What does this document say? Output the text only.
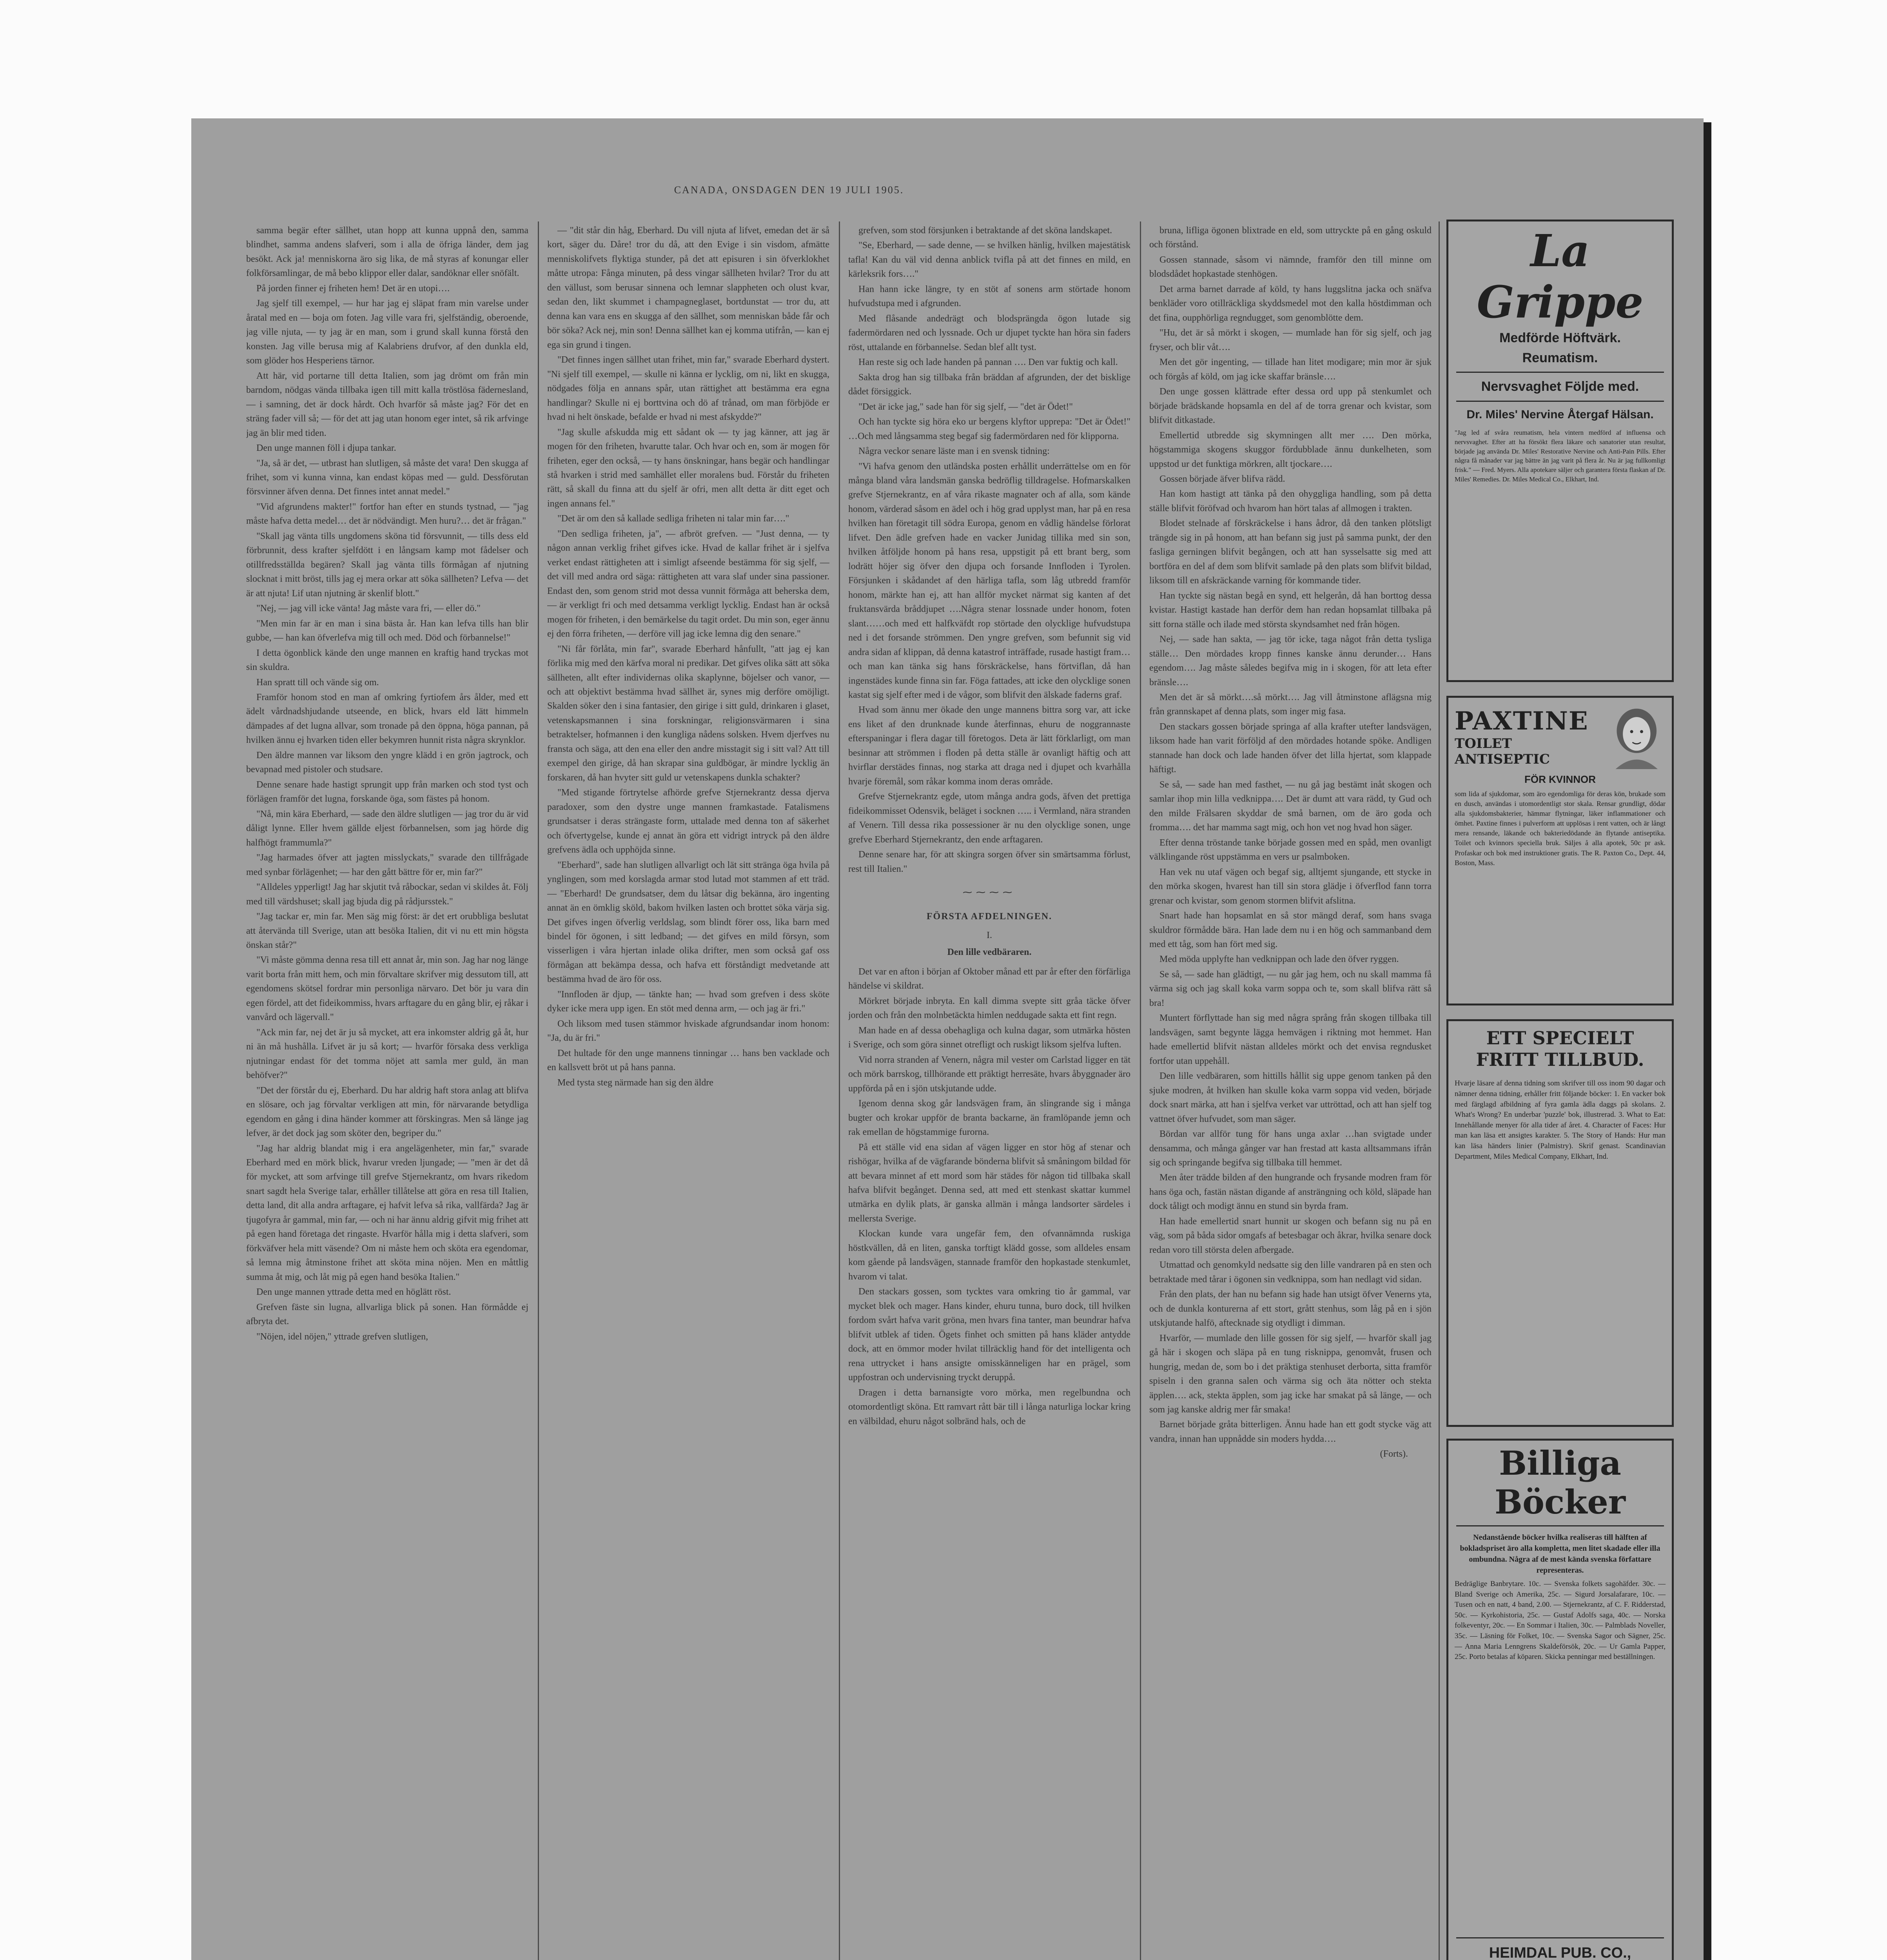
CANADA, ONSDAGEN DEN 19 JULI 1905.

samma begär efter sällhet, utan hopp att kunna uppnå den, samma blindhet, samma andens slafveri, som i alla de öfriga länder, dem jag besökt. Ack ja! menniskorna äro sig lika, de må styras af konungar eller folkförsamlingar, de må bebo klippor eller dalar, sandöknar eller snöfält.

På jorden finner ej friheten hem! Det är en utopi….

Jag sjelf till exempel, — hur har jag ej släpat fram min varelse under åratal med en — boja om foten. Jag ville vara fri, sjelfständig, oberoende, jag ville njuta, — ty jag är en man, som i grund skall kunna förstå den konsten. Jag ville berusa mig af Kalabriens drufvor, af den dunkla eld, som glöder hos Hesperiens tärnor.

Att här, vid portarne till detta Italien, som jag drömt om från min barndom, nödgas vända tillbaka igen till mitt kalla tröstlösa fädernesland, — i samning, det är dock hårdt. Och hvarför så måste jag? För det en sträng fader vill så; — för det att jag utan honom eger intet, så rik arfvinge jag än blir med tiden.

Den unge mannen föll i djupa tankar.

"Ja, så är det, — utbrast han slutligen, så måste det vara! Den skugga af frihet, som vi kunna vinna, kan endast köpas med — guld. Dessförutan försvinner äfven denna. Det finnes intet annat medel."

"Vid afgrundens makter!" fortfor han efter en stunds tystnad, — "jag måste hafva detta medel… det är nödvändigt. Men huru?… det är frågan."

"Skall jag vänta tills ungdomens sköna tid försvunnit, — tills dess eld förbrunnit, dess krafter sjelfdött i en långsam kamp mot fådelser och otillfredsställda begären? Skall jag vänta tills förmågan af njutning slocknat i mitt bröst, tills jag ej mera orkar att söka sällheten? Lefva — det är att njuta! Lif utan njutning är skenlif blott."

"Nej, — jag vill icke vänta! Jag måste vara fri, — eller dö."

"Men min far är en man i sina bästa år. Han kan lefva tills han blir gubbe, — han kan öfverlefva mig till och med. Död och förbannelse!"

I detta ögonblick kände den unge mannen en kraftig hand tryckas mot sin skuldra.

Han spratt till och vände sig om.

Framför honom stod en man af omkring fyrtiofem års ålder, med ett ädelt vårdnadshjudande utseende, en blick, hvars eld lätt himmeln dämpades af det lugna allvar, som tronade på den öppna, höga pannan, på hvilken ännu ej hvarken tiden eller bekymren hunnit rista några skrynklor.

Den äldre mannen var liksom den yngre klädd i en grön jagtrock, och bevapnad med pistoler och studsare.

Denne senare hade hastigt sprungit upp från marken och stod tyst och förlägen framför det lugna, forskande öga, som fästes på honom.

"Nå, min kära Eberhard, — sade den äldre slutligen — jag tror du är vid dåligt lynne. Eller hvem gällde eljest förbannelsen, som jag hörde dig halfhögt frammumla?"

"Jag harmades öfver att jagten misslyckats," svarade den tillfrågade med synbar förlägenhet; — har den gått bättre för er, min far?"

"Alldeles ypperligt! Jag har skjutit två råbockar, sedan vi skildes åt. Följ med till värdshuset; skall jag bjuda dig på rådjursstek."

"Jag tackar er, min far. Men säg mig först: är det ert orubbliga beslutat att återvända till Sverige, utan att besöka Italien, dit vi nu ett min högsta önskan står?"

"Vi måste gömma denna resa till ett annat år, min son. Jag har nog länge varit borta från mitt hem, och min förvaltare skrifver mig dessutom till, att egendomens skötsel fordrar min personliga närvaro. Det bör ju vara din egen fördel, att det fideikommiss, hvars arftagare du en gång blir, ej råkar i vanvård och lägervall."

"Ack min far, nej det är ju så mycket, att era inkomster aldrig gå åt, hur ni än må hushålla. Lifvet är ju så kort; — hvarför försaka dess verkliga njutningar endast för det tomma nöjet att samla mer guld, än man behöfver?"

"Det der förstår du ej, Eberhard. Du har aldrig haft stora anlag att blifva en slösare, och jag förvaltar verkligen att min, för närvarande betydliga egendom en gång i dina händer kommer att förskingras. Men så länge jag lefver, är det dock jag som sköter den, begriper du."

"Jag har aldrig blandat mig i era angelägenheter, min far," svarade Eberhard med en mörk blick, hvarur vreden ljungade; — "men är det då för mycket, att som arfvinge till grefve Stjernekrantz, om hvars rikedom snart sagdt hela Sverige talar, erhåller tillåtelse att göra en resa till Italien, detta land, dit alla andra arftagare, ej hafvit lefva så rika, vallfärda? Jag är tjugofyra år gammal, min far, — och ni har ännu aldrig gifvit mig frihet att på egen hand företaga det ringaste. Hvarför hålla mig i detta slafveri, som förkväfver hela mitt väsende? Om ni måste hem och sköta era egendomar, så lemna mig åtminstone frihet att sköta mina nöjen. Men en måttlig summa åt mig, och låt mig på egen hand besöka Italien."

Den unge mannen yttrade detta med en höglätt röst.

Grefven fäste sin lugna, allvarliga blick på sonen. Han förmådde ej afbryta det.

"Nöjen, idel nöjen," yttrade grefven slutligen,

— "dit står din håg, Eberhard. Du vill njuta af lifvet, emedan det är så kort, säger du. Dåre! tror du då, att den Evige i sin visdom, afmätte menniskolifvets flyktiga stunder, på det att episuren i sin öfverklokhet måtte utropa: Fånga minuten, på dess vingar sällheten hvilar? Tror du att den vällust, som berusar sinnena och lemnar slappheten och olust kvar, sedan den, likt skummet i champagneglaset, bortdunstat — tror du, att denna kan vara ens en skugga af den sällhet, som menniskan både får och bör söka? Ack nej, min son! Denna sällhet kan ej komma utifrån, — kan ej ega sin grund i tingen.

"Det finnes ingen sällhet utan frihet, min far," svarade Eberhard dystert. "Ni sjelf till exempel, — skulle ni känna er lycklig, om ni, likt en skugga, nödgades följa en annans spår, utan rättighet att bestämma era egna handlingar? Skulle ni ej borttvina och dö af trånad, om man förbjöde er hvad ni helt önskade, befalde er hvad ni mest afskydde?"

"Jag skulle afskudda mig ett sådant ok — ty jag känner, att jag är mogen för den friheten, hvarutte talar. Och hvar och en, som är mogen för friheten, eger den också, — ty hans önskningar, hans begär och handlingar stå hvarken i strid med samhället eller moralens bud. Förstår du friheten rätt, så skall du finna att du sjelf är ofri, men allt detta är ditt eget och ingen annans fel."

"Det är om den så kallade sedliga friheten ni talar min far…."

"Den sedliga friheten, ja", — afbröt grefven. — "Just denna, — ty någon annan verklig frihet gifves icke. Hvad de kallar frihet är i sjelfva verket endast rättigheten att i simligt afseende bestämma för sig sjelf, — det vill med andra ord säga: rättigheten att vara slaf under sina passioner. Endast den, som genom strid mot dessa vunnit förmåga att beherska dem, — är verkligt fri och med detsamma verkligt lycklig. Endast han är också mogen för friheten, i den bemärkelse du tagit ordet. Du min son, eger ännu ej den förra friheten, — derföre vill jag icke lemna dig den senare."

"Ni får förlåta, min far", svarade Eberhard hånfullt, "att jag ej kan förlika mig med den kärfva moral ni predikar. Det gifves olika sätt att söka sällheten, allt efter individernas olika skaplynne, böjelser och vanor, — och att objektivt bestämma hvad sällhet är, synes mig derföre omöjligt. Skalden söker den i sina fantasier, den girige i sitt guld, drinkaren i glaset, vetenskapsmannen i sina forskningar, religionsvärmaren i sina betraktelser, hofmannen i den kungliga nådens solsken. Hvem djerfves nu fransta och säga, att den ena eller den andre misstagit sig i sitt val? Att till exempel den girige, då han skrapar sina guldbögar, är mindre lycklig än forskaren, då han hvyter sitt guld ur vetenskapens dunkla schakter?

"Med stigande förtrytelse afhörde grefve Stjernekrantz dessa djerva paradoxer, som den dystre unge mannen framkastade. Fatalismens grundsatser i deras strängaste form, uttalade med denna ton af säkerhet och öfvertygelse, kunde ej annat än göra ett vidrigt intryck på den äldre grefvens ädla och upphöjda sinne.

"Eberhard", sade han slutligen allvarligt och lät sitt stränga öga hvila på ynglingen, som med korslagda armar stod lutad mot stammen af ett träd. — "Eberhard! De grundsatser, dem du låtsar dig bekänna, äro ingenting annat än en ömklig sköld, bakom hvilken lasten och brottet söka värja sig. Det gifves ingen öfverlig verldslag, som blindt förer oss, lika barn med bindel för ögonen, i sitt ledband; — det gifves en mild försyn, som visserligen i våra hjertan inlade olika drifter, men som också gaf oss förmågan att bekämpa dessa, och hafva ett förståndigt medvetande att bestämma hvad de äro för oss.

"Innfloden är djup, — tänkte han; — hvad som grefven i dess sköte dyker icke mera upp igen. En stöt med denna arm, — och jag är fri."

Och liksom med tusen stämmor hviskade afgrundsandar inom honom: "Ja, du är fri."

Det hultade för den unge mannens tinningar … hans ben vacklade och en kallsvett bröt ut på hans panna.

Med tysta steg närmade han sig den äldre

grefven, som stod försjunken i betraktande af det sköna landskapet.

"Se, Eberhard, — sade denne, — se hvilken hänlig, hvilken majestätisk tafla! Kan du väl vid denna anblick tvifla på att det finnes en mild, en kärleksrik fors…."

Han hann icke längre, ty en stöt af sonens arm störtade honom hufvudstupa med i afgrunden.

Med flåsande andedrägt och blodsprängda ögon lutade sig fadermördaren ned och lyssnade. Och ur djupet tyckte han höra sin faders röst, uttalande en förbannelse. Sedan blef allt tyst.

Han reste sig och lade handen på pannan …. Den var fuktig och kall.

Sakta drog han sig tillbaka från bräddan af afgrunden, der det bisklige dådet försiggick.

"Det är icke jag," sade han för sig sjelf, — "det är Ödet!"

Och han tyckte sig höra eko ur bergens klyftor upprepa: "Det är Ödet!" …Och med långsamma steg begaf sig fadermördaren ned för klipporna.

Några veckor senare läste man i en svensk tidning:

"Vi hafva genom den utländska posten erhållit underrättelse om en för många bland våra landsmän ganska bedröflig tilldragelse. Hofmarskalken grefve Stjernekrantz, en af våra rikaste magnater och af alla, som kände honom, värderad såsom en ädel och i hög grad upplyst man, har på en resa hvilken han företagit till södra Europa, genom en vådlig händelse förlorat lifvet. Den ädle grefven hade en vacker Junidag tillika med sin son, hvilken åtföljde honom på hans resa, uppstigit på ett brant berg, som lodrätt höjer sig öfver den djupa och forsande Innfloden i Tyrolen. Försjunken i skådandet af den härliga tafla, som låg utbredd framför honom, märkte han ej, att han allför mycket närmat sig kanten af det fruktansvärda bråddjupet ….Några stenar lossnade under honom, foten slant……och med ett halfkväfdt rop störtade den olycklige hufvudstupa ned i det forsande strömmen. Den yngre grefven, som befunnit sig vid andra sidan af klippan, då denna katastrof inträffade, rusade hastigt fram…och man kan tänka sig hans förskräckelse, hans förtviflan, då han ingenstädes kunde finna sin far. Föga fattades, att icke den olycklige sonen kastat sig sjelf efter med i de vågor, som blifvit den älskade faderns graf.

Hvad som ännu mer ökade den unge mannens bittra sorg var, att icke ens liket af den drunknade kunde återfinnas, ehuru de noggrannaste efterspaningar i flera dagar till företogos. Deta är lätt förklarligt, om man besinnar att strömmen i floden på detta ställe är ovanligt häftig och att hvirflar derstädes finnas, nog starka att draga ned i djupet och kvarhålla hvarje föremål, som råkar komma inom deras område.

Grefve Stjernekrantz egde, utom många andra gods, äfven det prettiga fideikommisset Odensvik, beläget i socknen ….. i Vermland, nära stranden af Venern. Till dessa rika possessioner är nu den olycklige sonen, unge grefve Eberhard Stjernekrantz, den ende arftagaren.

Denne senare har, för att skingra sorgen öfver sin smärtsamma förlust, rest till Italien."

⁓⁓⁓⁓

FÖRSTA AFDELNINGEN.

I.

Den lille vedbäraren.

Det var en afton i början af Oktober månad ett par år efter den förfärliga händelse vi skildrat.

Mörkret började inbryta. En kall dimma svepte sitt gråa täcke öfver jorden och från den molnbetäckta himlen neddugade sakta ett fint regn.

Man hade en af dessa obehagliga och kulna dagar, som utmärka hösten i Sverige, och som göra sinnet otrefligt och ruskigt liksom sjelfva luften.

Vid norra stranden af Venern, några mil vester om Carlstad ligger en tät och mörk barrskog, tillhörande ett präktigt herresäte, hvars åbyggnader äro uppförda på en i sjön utskjutande udde.

Igenom denna skog går landsvägen fram, än slingrande sig i många bugter och krokar uppför de branta backarne, än framlöpande jemn och rak emellan de högstammige furorna.

På ett ställe vid ena sidan af vägen ligger en stor hög af stenar och rishögar, hvilka af de vägfarande bönderna blifvit så småningom bildad för att bevara minnet af ett mord som här städes för någon tid tillbaka skall hafva blifvit begånget. Denna sed, att med ett stenkast skattar kummel utmärka en dylik plats, är ganska allmän i många landsorter särdeles i mellersta Sverige.

Klockan kunde vara ungefär fem, den ofvannämnda ruskiga höstkvällen, då en liten, ganska torftigt klädd gosse, som alldeles ensam kom gående på landsvägen, stannade framför den hopkastade stenkumlet, hvarom vi talat.

Den stackars gossen, som tycktes vara omkring tio år gammal, var mycket blek och mager. Hans kinder, ehuru tunna, buro dock, till hvilken fordom svårt hafva varit gröna, men hvars fina tanter, man beundrar hafva blifvit utblek af tiden. Ögets finhet och smitten på hans kläder antydde dock, att en ömmor moder hvilat tillräcklig hand för det intelligenta och rena uttrycket i hans ansigte omisskänneligen har en prägel, som uppfostran och undervisning tryckt deruppå.

Dragen i detta barnansigte voro mörka, men regelbundna och otomordentligt sköna. Ett ramvart rått bär till i långa naturliga lockar kring en välbildad, ehuru något solbränd hals, och de

bruna, lifliga ögonen blixtrade en eld, som uttryckte på en gång oskuld och förstånd.

Gossen stannade, såsom vi nämnde, framför den till minne om blodsdådet hopkastade stenhögen.

Det arma barnet darrade af köld, ty hans luggslitna jacka och snäfva benkläder voro otillräckliga skyddsmedel mot den kalla höstdimman och det fina, oupphörliga regndugget, som genomblötte dem.

"Hu, det är så mörkt i skogen, — mumlade han för sig sjelf, och jag fryser, och blir våt….

Men det gör ingenting, — tillade han litet modigare; min mor är sjuk och förgås af köld, om jag icke skaffar bränsle….

Den unge gossen klättrade efter dessa ord upp på stenkumlet och började brädskande hopsamla en del af de torra grenar och kvistar, som blifvit ditkastade.

Emellertid utbredde sig skymningen allt mer …. Den mörka, högstammiga skogens skuggor fördubblade ännu dunkelheten, som uppstod ur det funktiga mörkren, allt tjockare….

Gossen började äfver blifva rädd.

Han kom hastigt att tänka på den ohyggliga handling, som på detta ställe blifvit föröfvad och hvarom han hört talas af allmogen i trakten.

Blodet stelnade af förskräckelse i hans ådror, då den tanken plötsligt trängde sig in på honom, att han befann sig just på samma punkt, der den fasliga gerningen blifvit begången, och att han sysselsatte sig med att bortföra en del af dem som blifvit samlade på den plats som blifvit bildad, liksom till en afskräckande varning för kommande tider.

Han tyckte sig nästan begå en synd, ett helgerån, då han borttog dessa kvistar. Hastigt kastade han derför dem han redan hopsamlat tillbaka på sitt forna ställe och ilade med största skyndsamhet ned från högen.

Nej, — sade han sakta, — jag tör icke, taga något från detta tysliga ställe… Den mördades kropp finnes kanske ännu derunder… Hans egendom…. Jag måste således begifva mig in i skogen, för att leta efter bränsle….

Men det är så mörkt….så mörkt…. Jag vill åtminstone aflägsna mig från grannskapet af denna plats, som inger mig fasa.

Den stackars gossen började springa af alla krafter utefter landsvägen, liksom hade han varit förföljd af den mördades hotande spöke. Andligen stannade han dock och lade handen öfver det lilla hjertat, som klappade häftigt.

Se så, — sade han med fasthet, — nu gå jag bestämt inåt skogen och samlar ihop min lilla vedknippa…. Det är dumt att vara rädd, ty Gud och den milde Frälsaren skyddar de små barnen, om de äro goda och fromma…. det har mamma sagt mig, och hon vet nog hvad hon säger.

Efter denna tröstande tanke började gossen med en spåd, men ovanligt välklingande röst uppstämma en vers ur psalmboken.

Han vek nu utaf vägen och begaf sig, alltjemt sjungande, ett stycke in den mörka skogen, hvarest han till sin stora glädje i öfverflod fann torra grenar och kvistar, som genom stormen blifvit afslitna.

Snart hade han hopsamlat en så stor mängd deraf, som hans svaga skuldror förmådde bära. Han lade dem nu i en hög och sammanband dem med ett tåg, som han fört med sig.

Med möda upplyfte han vedknippan och lade den öfver ryggen.

Se så, — sade han glädtigt, — nu går jag hem, och nu skall mamma få värma sig och jag skall koka varm soppa och te, som skall blifva rätt så bra!

Muntert förflyttade han sig med några språng från skogen tillbaka till landsvägen, samt begynte lägga hemvägen i riktning mot hemmet. Han hade emellertid blifvit nästan alldeles mörkt och det envisa regndusket fortfor utan uppehåll.

Den lille vedbäraren, som hittills hållit sig uppe genom tanken på den sjuke modren, åt hvilken han skulle koka varm soppa vid veden, började dock snart märka, att han i sjelfva verket var uttröttad, och att han sjelf tog vattnet öfver hufvudet, som man säger.

Bördan var allför tung för hans unga axlar …han svigtade under densamma, och många gånger var han frestad att kasta alltsammans ifrån sig och springande begifva sig tillbaka till hemmet.

Men åter trädde bilden af den hungrande och frysande modren fram för hans öga och, fastän nästan digande af ansträngning och köld, släpade han dock tåligt och modigt ännu en stund sin byrda fram.

Han hade emellertid snart hunnit ur skogen och befann sig nu på en väg, som på båda sidor omgafs af betesbagar och åkrar, hvilka senare dock redan voro till största delen afbergade.

Utmattad och genomkyld nedsatte sig den lille vandraren på en sten och betraktade med tårar i ögonen sin vedknippa, som han nedlagt vid sidan.

Från den plats, der han nu befann sig hade han utsigt öfver Venerns yta, och de dunkla konturerna af ett stort, grått stenhus, som låg på en i sjön utskjutande halfö, aftecknade sig otydligt i dimman.

Hvarför, — mumlade den lille gossen för sig sjelf, — hvarför skall jag gå här i skogen och släpa på en tung risknippa, genomvåt, frusen och hungrig, medan de, som bo i det präktiga stenhuset derborta, sitta framför spiseln i den granna salen och värma sig och äta nötter och stekta äpplen…. ack, stekta äpplen, som jag icke har smakat på så länge, — och som jag kanske aldrig mer får smaka!

Barnet började gråta bitterligen. Ännu hade han ett godt stycke väg att vandra, innan han uppnådde sin moders hydda….

(Forts).

La Grippe
Medförde Höftvärk.
Reumatism.
Nervsvaghet Följde med.
Dr. Miles' Nervine Återgaf Hälsan.
"Jag led af svåra reumatism, hela vintern medförd af influensa och nervsvaghet. Efter att ha försökt flera läkare och sanatorier utan resultat, började jag använda Dr. Miles' Restorative Nervine och Anti-Pain Pills. Efter några få månader var jag bättre än jag varit på flera år. Nu är jag fullkomligt frisk." — Fred. Myers. Alla apotekare säljer och garantera första flaskan af Dr. Miles' Remedies. Dr. Miles Medical Co., Elkhart, Ind.
PAXTINE
TOILET ANTISEPTIC
FÖR KVINNOR
som lida af sjukdomar, som äro egendomliga för deras kön, brukade som en dusch, användas i utomordentligt stor skala. Rensar grundligt, dödar alla sjukdomsbakterier, hämmar flytningar, läker inflammationer och ömhet. Paxtine finnes i pulverform att upplösas i rent vatten, och är långt mera rensande, läkande och bakteriedödande än flytande antiseptika. Toilet och kvinnors speciella bruk. Säljes å alla apotek, 50c pr ask. Profaskar och bok med instruktioner gratis. The R. Paxton Co., Dept. 44, Boston, Mass.
ETT SPECIELT FRITT TILLBUD.
Hvarje läsare af denna tidning som skrifver till oss inom 90 dagar och nämner denna tidning, erhåller fritt följande böcker: 1. En vacker bok med färglagd afbildning af fyra gamla ädla daggs på skolans. 2. What's Wrong? En underbar 'puzzle' bok, illustrerad. 3. What to Eat: Innehållande menyer för alla tider af året. 4. Character of Faces: Hur man kan läsa ett ansigtes karakter. 5. The Story of Hands: Hur man kan läsa händers linier (Palmistry). Skrif genast. Scandinavian Department, Miles Medical Company, Elkhart, Ind.
Billiga Böcker
Nedanstående böcker hvilka realiseras till hälften af bokladspriset äro alla kompletta, men litet skadade eller illa ombundna. Några af de mest kända svenska författare representeras.
Bedräglige Banbrytare. 10c. — Svenska folkets sagohäfder. 30c. — Bland Sverige och Amerika, 25c. — Sigurd Jorsalafarare, 10c. — Tusen och en natt, 4 band, 2.00. — Stjernekrantz, af C. F. Ridderstad, 50c. — Kyrkohistoria, 25c. — Gustaf Adolfs saga, 40c. — Norska folkeventyr, 20c. — En Sommar i Italien, 30c. — Palmblads Noveller, 35c. — Läsning för Folket, 10c. — Svenska Sagor och Sägner, 25c. — Anna Maria Lenngrens Skaldeförsök, 20c. — Ur Gamla Papper, 25c. Porto betalas af köparen. Skicka penningar med beställningen.
HEIMDAL PUB. CO.,
